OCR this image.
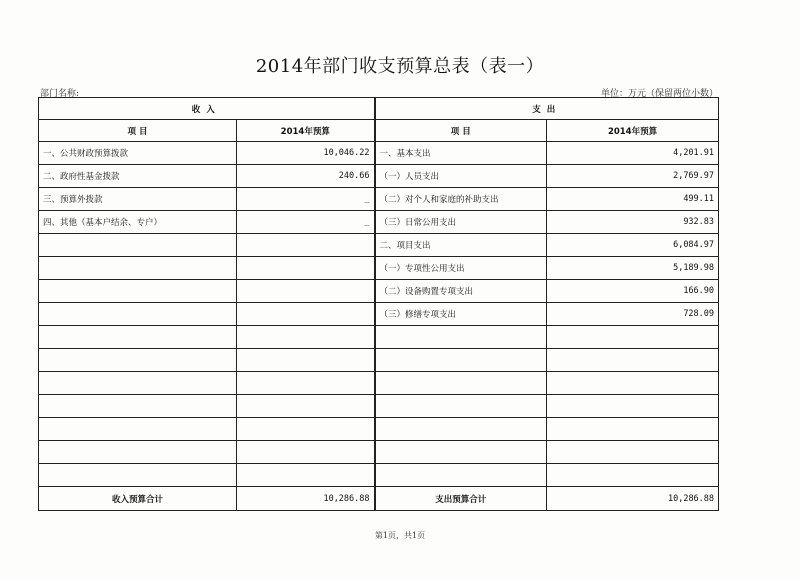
2014年部门收支预算总表（表一）
部门名称:	单位：万元（保留两位小数）
收入		支出	
项 目	2014年预算	项 目	2014年预算
一、公共财政预算拨款	10,046.22	一、基本支出	4,201.91
二、政府性基金拨款	240.66	（一）人员支出	2,769.97
三、预算外拨款	_	（二）对个人和家庭的补助支出	499.11
四、其他（基本户结余、专户）	_	（三）日常公用支出	932.83
		二、项目支出	6,084.97
		（一）专项性公用支出	5,189.98
		（二）设备购置专项支出	166.90
		（三）修缮专项支出	728.09

收入预算合计	10,286.88	支出预算合计	10,286.88
第1页，共1页
